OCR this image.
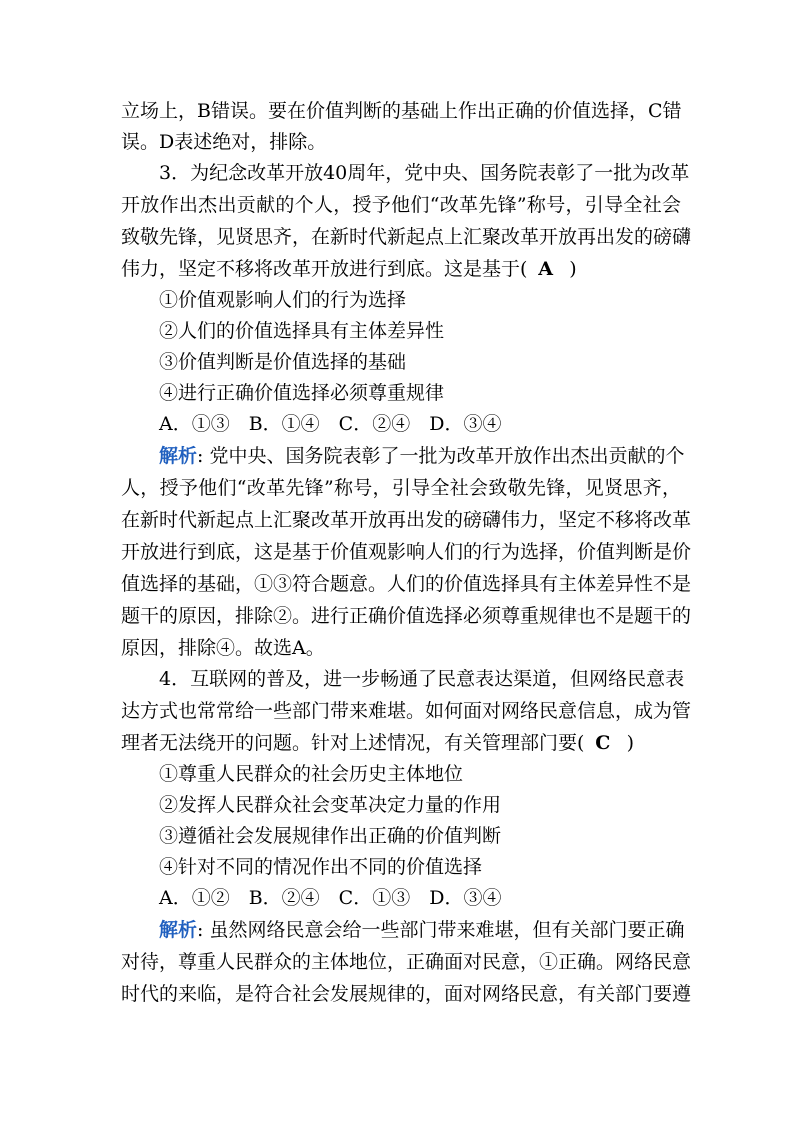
立场上，B错误。要在价值判断的基础上作出正确的价值选择，C错
误。D表述绝对，排除。
3．为纪念改革开放40周年，党中央、国务院表彰了一批为改革
开放作出杰出贡献的个人，授予他们“改革先锋”称号，引导全社会
致敬先锋，见贤思齐，在新时代新起点上汇聚改革开放再出发的磅礴
伟力，坚定不移将改革开放进行到底。这是基于( A )
①价值观影响人们的行为选择
②人们的价值选择具有主体差异性
③价值判断是价值选择的基础
④进行正确价值选择必须尊重规律
A．①③　B．①④　C．②④　D．③④
解析: 党中央、国务院表彰了一批为改革开放作出杰出贡献的个
人，授予他们“改革先锋”称号，引导全社会致敬先锋，见贤思齐，
在新时代新起点上汇聚改革开放再出发的磅礴伟力，坚定不移将改革
开放进行到底，这是基于价值观影响人们的行为选择，价值判断是价
值选择的基础，①③符合题意。人们的价值选择具有主体差异性不是
题干的原因，排除②。进行正确价值选择必须尊重规律也不是题干的
原因，排除④。故选A。
4．互联网的普及，进一步畅通了民意表达渠道，但网络民意表
达方式也常常给一些部门带来难堪。如何面对网络民意信息，成为管
理者无法绕开的问题。针对上述情况，有关管理部门要( C )
①尊重人民群众的社会历史主体地位
②发挥人民群众社会变革决定力量的作用
③遵循社会发展规律作出正确的价值判断
④针对不同的情况作出不同的价值选择
A．①②　B．②④　C．①③　D．③④
解析: 虽然网络民意会给一些部门带来难堪，但有关部门要正确
对待，尊重人民群众的主体地位，正确面对民意，①正确。网络民意
时代的来临，是符合社会发展规律的，面对网络民意，有关部门要遵
